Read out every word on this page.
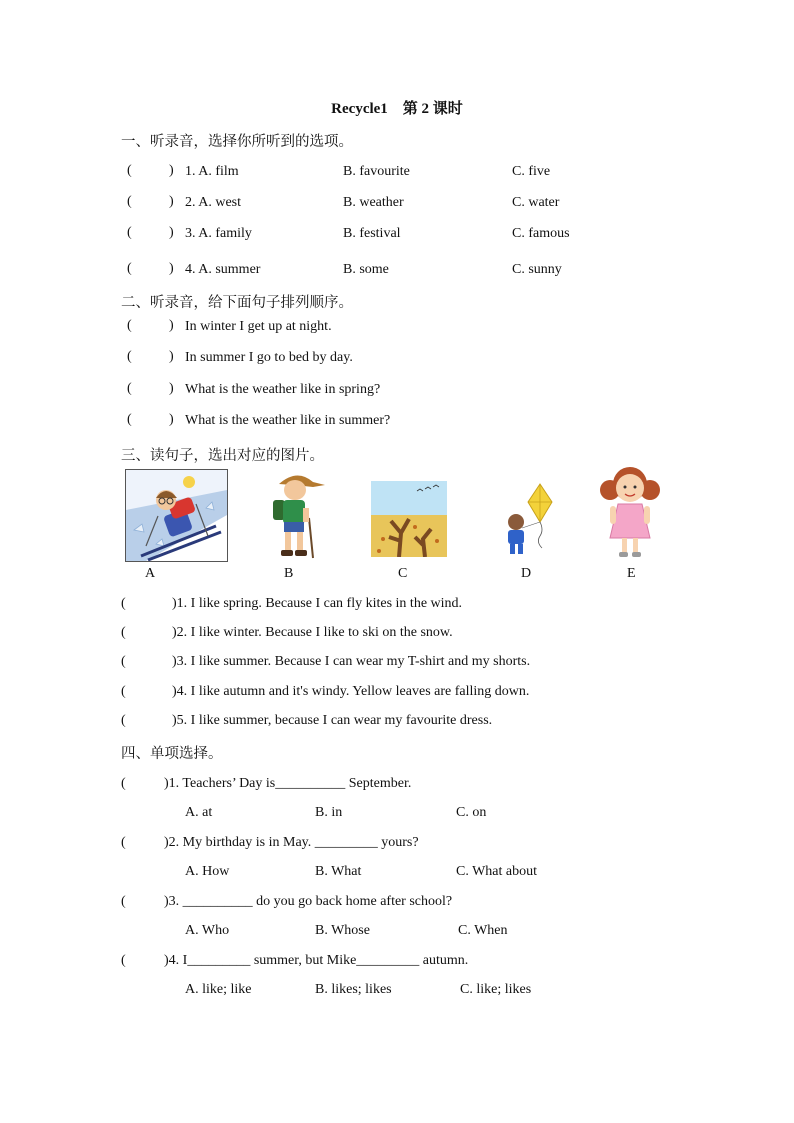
Recycle1　第 2 课时
一、听录音，选择你所听到的选项。
(	) 1. A. film	B. favourite	C. five
(	) 2. A. west	B. weather	C. water
(	) 3. A. family	B. festival	C. famous
(	) 4. A. summer	B. some	C. sunny
二、听录音，给下面句子排列顺序。
(	) In winter I get up at night.
(	) In summer I go to bed by day.
(	) What is the weather like in spring?
(	) What is the weather like in summer?
三、读句子，选出对应的图片。
A	B	C	D	E
(	)1. I like spring. Because I can fly kites in the wind.
(	)2. I like winter. Because I like to ski on the snow.
(	)3. I like summer. Because I can wear my T-shirt and my shorts.
(	)4. I like autumn and it's windy. Yellow leaves are falling down.
(	)5. I like summer, because I can wear my favourite dress.
四、单项选择。
(	)1. Teachers’ Day is__________ September.
A. at	B. in	C. on
(	)2. My birthday is in May. _________ yours?
A. How	B. What	C. What about
(	)3. __________ do you go back home after school?
A. Who	B. Whose	C. When
(	)4. I_________ summer, but Mike_________ autumn.
A. like; like	B. likes; likes	C. like; likes
